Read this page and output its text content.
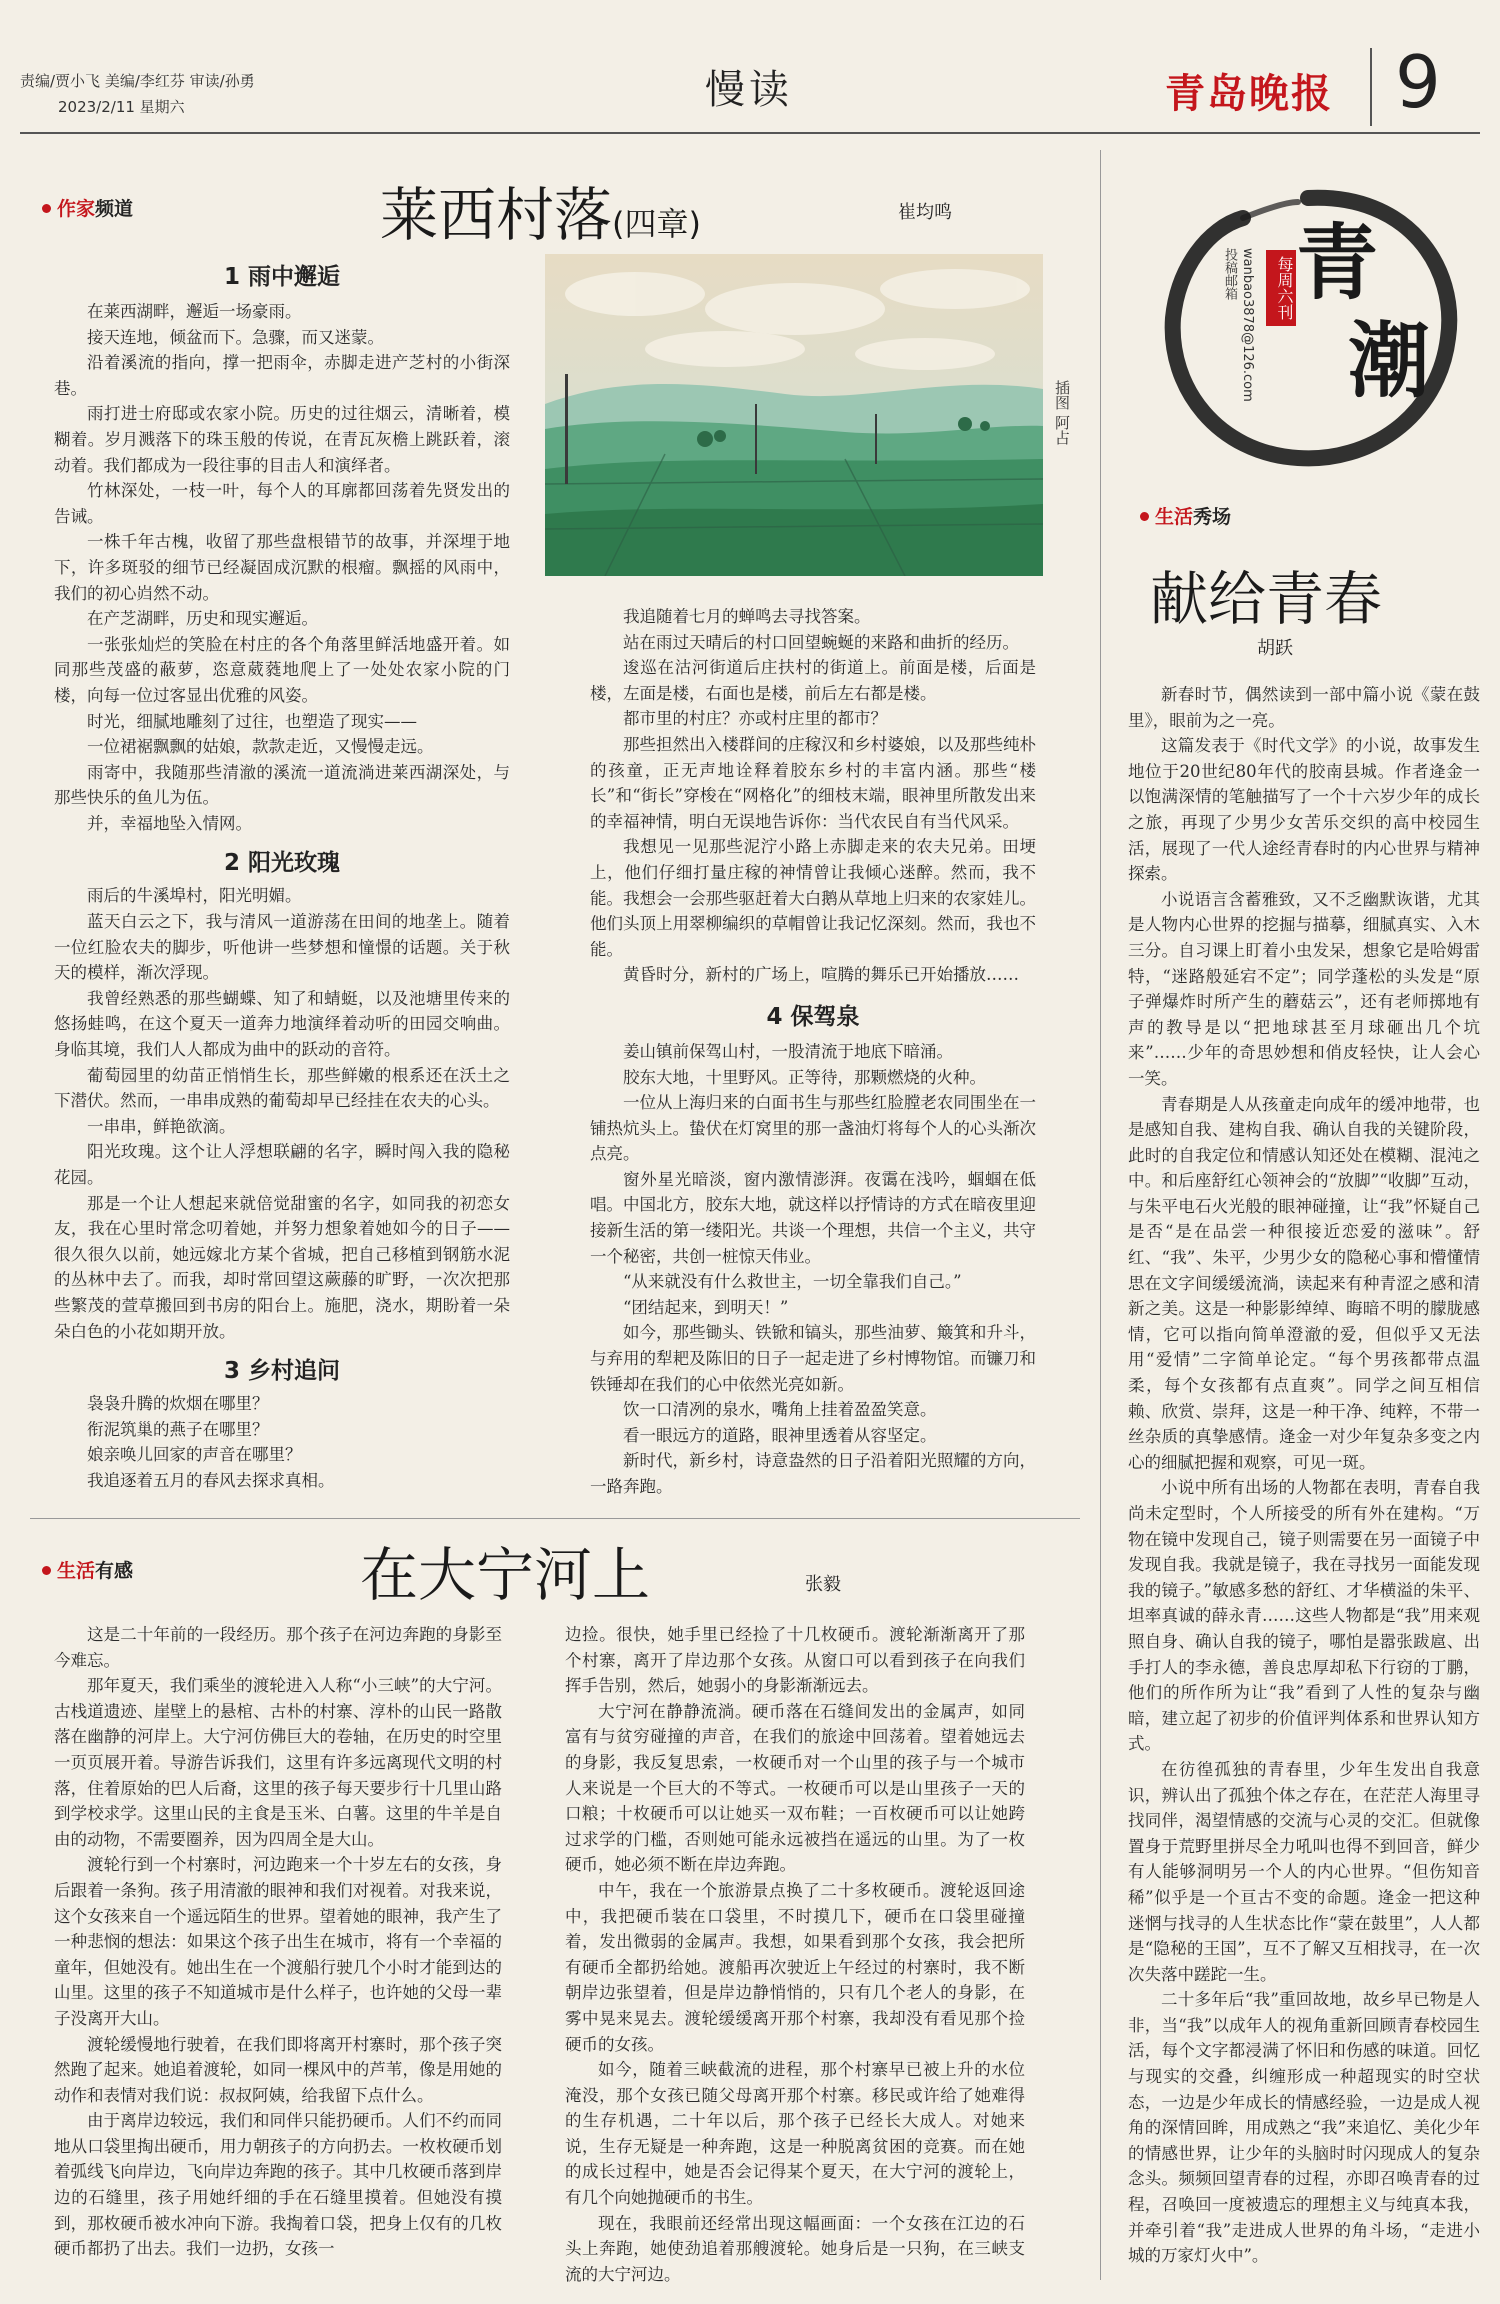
责编/贾小飞 美编/李红芬 审读/孙勇
2023/2/11 星期六	慢读	青岛晚报 9
青
潮
每周六刊
投稿邮箱 wanbao3878@126.com
作家频道	莱西村落(四章)	崔均鸣
插图 阿占
1 雨中邂逅

在莱西湖畔，邂逅一场豪雨。

接天连地，倾盆而下。急骤，而又迷蒙。

沿着溪流的指向，撑一把雨伞，赤脚走进产芝村的小街深巷。

雨打进士府邸或农家小院。历史的过往烟云，清晰着，模糊着。岁月溅落下的珠玉般的传说，在青瓦灰檐上跳跃着，滚动着。我们都成为一段往事的目击人和演绎者。

竹林深处，一枝一叶，每个人的耳廓都回荡着先贤发出的告诫。

一株千年古槐，收留了那些盘根错节的故事，并深埋于地下，许多斑驳的细节已经凝固成沉默的根瘤。飘摇的风雨中，我们的初心岿然不动。

在产芝湖畔，历史和现实邂逅。

一张张灿烂的笑脸在村庄的各个角落里鲜活地盛开着。如同那些茂盛的蔽萝，恣意葳蕤地爬上了一处处农家小院的门楼，向每一位过客显出优雅的风姿。

时光，细腻地雕刻了过往，也塑造了现实——

一位裙裾飘飘的姑娘，款款走近，又慢慢走远。

雨寄中，我随那些清澈的溪流一道流淌进莱西湖深处，与那些快乐的鱼儿为伍。

并，幸福地坠入情网。

2 阳光玫瑰

雨后的牛溪埠村，阳光明媚。

蓝天白云之下，我与清风一道游荡在田间的地垄上。随着一位红脸农夫的脚步，听他讲一些梦想和憧憬的话题。关于秋天的模样，渐次浮现。

我曾经熟悉的那些蝴蝶、知了和蜻蜓，以及池塘里传来的悠扬蛙鸣，在这个夏天一道奔力地演绎着动听的田园交响曲。身临其境，我们人人都成为曲中的跃动的音符。

葡萄园里的幼苗正悄悄生长，那些鲜嫩的根系还在沃土之下潜伏。然而，一串串成熟的葡萄却早已经挂在农夫的心头。

一串串，鲜艳欲滴。

阳光玫瑰。这个让人浮想联翩的名字，瞬时闯入我的隐秘花园。

那是一个让人想起来就倍觉甜蜜的名字，如同我的初恋女友，我在心里时常念叨着她，并努力想象着她如今的日子——很久很久以前，她远嫁北方某个省城，把自己移植到钢筋水泥的丛林中去了。而我，却时常回望这蕨藤的旷野，一次次把那些繁茂的萱草搬回到书房的阳台上。施肥，浇水，期盼着一朵朵白色的小花如期开放。

3 乡村追问

袅袅升腾的炊烟在哪里？

衔泥筑巢的燕子在哪里？

娘亲唤儿回家的声音在哪里？

我追逐着五月的春风去探求真相。

我追随着七月的蝉鸣去寻找答案。

站在雨过天晴后的村口回望蜿蜒的来路和曲折的经历。

逡巡在沽河街道后庄扶村的街道上。前面是楼，后面是楼，左面是楼，右面也是楼，前后左右都是楼。

都市里的村庄？亦或村庄里的都市？

那些担然出入楼群间的庄稼汉和乡村婆娘，以及那些纯朴的孩童，正无声地诠释着胶东乡村的丰富内涵。那些“楼长”和“街长”穿梭在“网格化”的细枝末端，眼神里所散发出来的幸福神情，明白无误地告诉你：当代农民自有当代风采。

我想见一见那些泥泞小路上赤脚走来的农夫兄弟。田埂上，他们仔细打量庄稼的神情曾让我倾心迷醉。然而，我不能。我想会一会那些驱赶着大白鹅从草地上归来的农家娃儿。他们头顶上用翠柳编织的草帽曾让我记忆深刻。然而，我也不能。

黄昏时分，新村的广场上，喧腾的舞乐已开始播放……

4 保驾泉

姜山镇前保驾山村，一股清流于地底下暗涌。

胶东大地，十里野风。正等待，那颗燃烧的火种。

一位从上海归来的白面书生与那些红脸膛老农同围坐在一铺热炕头上。蛰伏在灯窝里的那一盏油灯将每个人的心头渐次点亮。

窗外星光暗淡，窗内激情澎湃。夜霭在浅吟，蝈蝈在低唱。中国北方，胶东大地，就这样以抒情诗的方式在暗夜里迎接新生活的第一缕阳光。共谈一个理想，共信一个主义，共守一个秘密，共创一桩惊天伟业。

“从来就没有什么救世主，一切全靠我们自己。”

“团结起来，到明天！”

如今，那些锄头、铁锨和镐头，那些油萝、簸箕和升斗，与弃用的犁耙及陈旧的日子一起走进了乡村博物馆。而镰刀和铁锤却在我们的心中依然光亮如新。

饮一口清冽的泉水，嘴角上挂着盈盈笑意。

看一眼远方的道路，眼神里透着从容坚定。

新时代，新乡村，诗意盎然的日子沿着阳光照耀的方向，一路奔跑。

生活秀场
献给青春
胡跃

新春时节，偶然读到一部中篇小说《蒙在鼓里》，眼前为之一亮。

这篇发表于《时代文学》的小说，故事发生地位于20世纪80年代的胶南县城。作者逄金一以饱满深情的笔触描写了一个十六岁少年的成长之旅，再现了少男少女苦乐交织的高中校园生活，展现了一代人途经青春时的内心世界与精神探索。

小说语言含蓄雅致，又不乏幽默诙谐，尤其是人物内心世界的挖掘与描摹，细腻真实、入木三分。自习课上盯着小虫发呆，想象它是哈姆雷特，“迷路般延宕不定”；同学蓬松的头发是“原子弹爆炸时所产生的蘑菇云”，还有老师掷地有声的教导是以“把地球甚至月球砸出几个坑来”……少年的奇思妙想和俏皮轻快，让人会心一笑。

青春期是人从孩童走向成年的缓冲地带，也是感知自我、建构自我、确认自我的关键阶段，此时的自我定位和情感认知还处在模糊、混沌之中。和后座舒红心领神会的“放脚”“收脚”互动，与朱平电石火光般的眼神碰撞，让“我”怀疑自己是否“是在品尝一种很接近恋爱的滋味”。舒红、“我”、朱平，少男少女的隐秘心事和懵懂情思在文字间缓缓流淌，读起来有种青涩之感和清新之美。这是一种影影绰绰、晦暗不明的朦胧感情，它可以指向简单澄澈的爱，但似乎又无法用“爱情”二字简单论定。“每个男孩都带点温柔，每个女孩都有点直爽”。同学之间互相信赖、欣赏、崇拜，这是一种干净、纯粹，不带一丝杂质的真挚感情。逄金一对少年复杂多变之内心的细腻把握和观察，可见一斑。

小说中所有出场的人物都在表明，青春自我尚未定型时，个人所接受的所有外在建构。“万物在镜中发现自己，镜子则需要在另一面镜子中发现自我。我就是镜子，我在寻找另一面能发现我的镜子。”敏感多愁的舒红、才华横溢的朱平、坦率真诚的薛永青……这些人物都是“我”用来观照自身、确认自我的镜子，哪怕是嚣张跋扈、出手打人的李永德，善良忠厚却私下行窃的丁鹏，他们的所作所为让“我”看到了人性的复杂与幽暗，建立起了初步的价值评判体系和世界认知方式。

在彷徨孤独的青春里，少年生发出自我意识，辨认出了孤独个体之存在，在茫茫人海里寻找同伴，渴望情感的交流与心灵的交汇。但就像置身于荒野里拼尽全力吼叫也得不到回音，鲜少有人能够洞明另一个人的内心世界。“但伤知音稀”似乎是一个亘古不变的命题。逄金一把这种迷惘与找寻的人生状态比作“蒙在鼓里”，人人都是“隐秘的王国”，互不了解又互相找寻，在一次次失落中蹉跎一生。

二十多年后“我”重回故地，故乡早已物是人非，当“我”以成年人的视角重新回顾青春校园生活，每个文字都浸满了怀旧和伤感的味道。回忆与现实的交叠，纠缠形成一种超现实的时空状态，一边是少年成长的情感经验，一边是成人视角的深情回眸，用成熟之“我”来追忆、美化少年的情感世界，让少年的头脑时时闪现成人的复杂念头。频频回望青春的过程，亦即召唤青春的过程，召唤回一度被遗忘的理想主义与纯真本我，并牵引着“我”走进成人世界的角斗场，“走进小城的万家灯火中”。

生活有感	在大宁河上	张毅

这是二十年前的一段经历。那个孩子在河边奔跑的身影至今难忘。

那年夏天，我们乘坐的渡轮进入人称“小三峡”的大宁河。古栈道遗迹、崖壁上的悬棺、古朴的村寨、淳朴的山民一路散落在幽静的河岸上。大宁河仿佛巨大的卷轴，在历史的时空里一页页展开着。导游告诉我们，这里有许多远离现代文明的村落，住着原始的巴人后裔，这里的孩子每天要步行十几里山路到学校求学。这里山民的主食是玉米、白薯。这里的牛羊是自由的动物，不需要圈养，因为四周全是大山。

渡轮行到一个村寨时，河边跑来一个十岁左右的女孩，身后跟着一条狗。孩子用清澈的眼神和我们对视着。对我来说，这个女孩来自一个遥远陌生的世界。望着她的眼神，我产生了一种悲悯的想法：如果这个孩子出生在城市，将有一个幸福的童年，但她没有。她出生在一个渡船行驶几个小时才能到达的山里。这里的孩子不知道城市是什么样子，也许她的父母一辈子没离开大山。

渡轮缓慢地行驶着，在我们即将离开村寨时，那个孩子突然跑了起来。她追着渡轮，如同一棵风中的芦苇，像是用她的动作和表情对我们说：叔叔阿姨，给我留下点什么。

由于离岸边较远，我们和同伴只能扔硬币。人们不约而同地从口袋里掏出硬币，用力朝孩子的方向扔去。一枚枚硬币划着弧线飞向岸边，飞向岸边奔跑的孩子。其中几枚硬币落到岸边的石缝里，孩子用她纤细的手在石缝里摸着。但她没有摸到，那枚硬币被水冲向下游。我掏着口袋，把身上仅有的几枚硬币都扔了出去。我们一边扔，女孩一

边捡。很快，她手里已经捡了十几枚硬币。渡轮渐渐离开了那个村寨，离开了岸边那个女孩。从窗口可以看到孩子在向我们挥手告别，然后，她弱小的身影渐渐远去。

大宁河在静静流淌。硬币落在石缝间发出的金属声，如同富有与贫穷碰撞的声音，在我们的旅途中回荡着。望着她远去的身影，我反复思索，一枚硬币对一个山里的孩子与一个城市人来说是一个巨大的不等式。一枚硬币可以是山里孩子一天的口粮；十枚硬币可以让她买一双布鞋；一百枚硬币可以让她跨过求学的门槛，否则她可能永远被挡在遥远的山里。为了一枚硬币，她必须不断在岸边奔跑。

中午，我在一个旅游景点换了二十多枚硬币。渡轮返回途中，我把硬币装在口袋里，不时摸几下，硬币在口袋里碰撞着，发出微弱的金属声。我想，如果看到那个女孩，我会把所有硬币全都扔给她。渡船再次驶近上午经过的村寨时，我不断朝岸边张望着，但是岸边静悄悄的，只有几个老人的身影，在雾中晃来晃去。渡轮缓缓离开那个村寨，我却没有看见那个捡硬币的女孩。

如今，随着三峡截流的进程，那个村寨早已被上升的水位淹没，那个女孩已随父母离开那个村寨。移民或许给了她难得的生存机遇，二十年以后，那个孩子已经长大成人。对她来说，生存无疑是一种奔跑，这是一种脱离贫困的竞赛。而在她的成长过程中，她是否会记得某个夏天，在大宁河的渡轮上，有几个向她抛硬币的书生。

现在，我眼前还经常出现这幅画面：一个女孩在江边的石头上奔跑，她使劲追着那艘渡轮。她身后是一只狗，在三峡支流的大宁河边。
